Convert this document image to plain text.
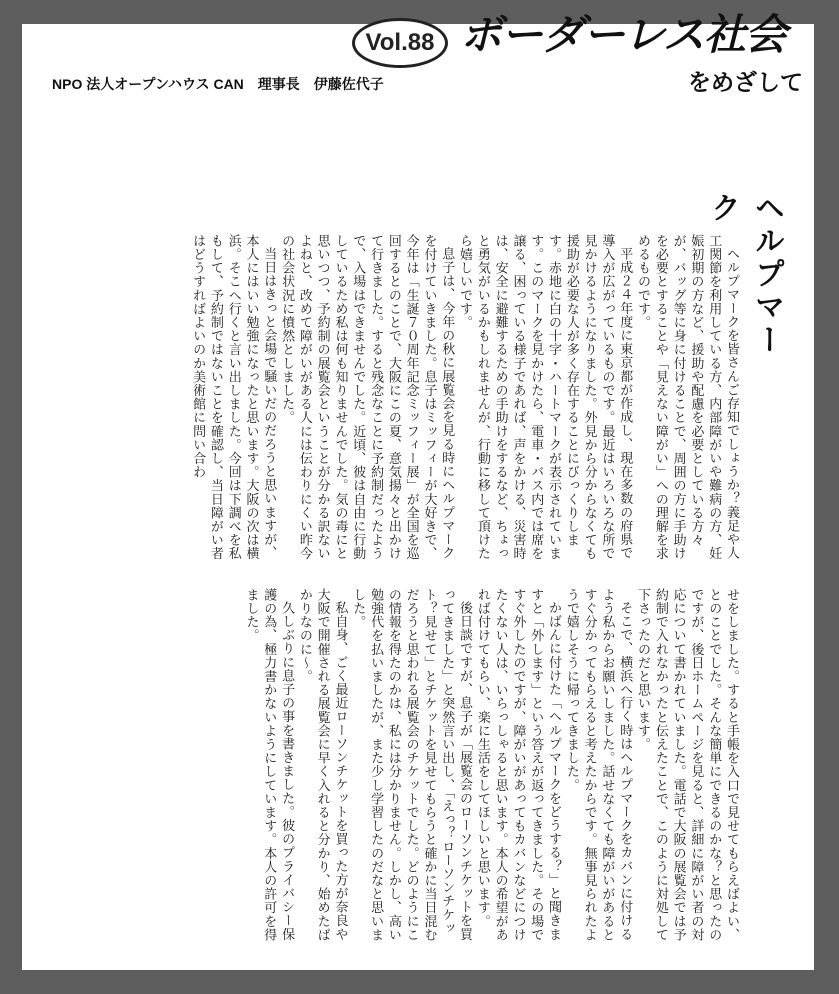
Vol.88 ボーダーレス社会
をめざして
NPO 法人オープンハウス CAN　理事長　伊藤佐代子
ヘルプマーク

ヘルプマークを皆さんご存知でしょうか？義足や人工関節を利用している方、内部障がいや難病の方、妊娠初期の方など、援助や配慮を必要としている方々が、バッグ等に身に付けることで、周囲の方に手助けを必要とすることや「見えない障がい」への理解を求めるものです。

平成２４年度に東京都が作成し、現在多数の府県で導入が広がっているものです。最近はいろいろな所で見かけるようになりました。外見から分からなくても援助が必要な人が多く存在することにびっくりします。赤地に白の十字・ハートマークが表示されています。このマークを見かけたら、電車・バス内では席を譲る、困っている様子であれば、声をかける、災害時は、安全に避難するための手助けをするなど、ちょっと勇気がいるかもしれませんが、行動に移して頂けたら嬉しいです。

息子は、今年の秋に展覧会を見る時にヘルプマークを付けていきました。息子はミッフィーが大好きで、今年は「生誕７０周年記念ミッフィー展」が全国を巡回するとのことで、大阪にこの夏、意気揚々と出かけて行きました。すると残念なことに予約制だったようで、入場はできませんでした。近頃、彼は自由に行動しているため私は何も知りませんでした。気の毒にと思いつつ、予約制の展覧会ということが分かる訳ないよねと、改めて障がいがある人には伝わりにくい昨今の社会状況に憤然としました。

当日はきっと会場で騒いだのだろうと思いますが、本人にはいい勉強になったと思います。大阪の次は横浜。そこへ行くと言い出しました。今回は下調べを私もして、予約制ではないことを確認し、当日障がい者はどうすればよいのか美術館に問い合わ

せをしました。すると手帳を入口で見せてもらえばよい、とのことでした。そんな簡単にできるのかな？と思ったのですが、後日ホームページを見ると、詳細に障がい者の対応について書かれていました。電話で大阪の展覧会では予約制で入れなかったと伝えたことで、このように対処して下さったのだと思います。

そこで、横浜へ行く時はヘルプマークをカバンに付けるよう私からお願いしました。話せなくても障がいがあるとすぐ分かってもらえると考えたからです。無事見られたようで嬉しそうに帰ってきました。

かばんに付けた「ヘルプマークをどうする？」と聞きますと「外します」という答えが返ってきました。その場ですぐ外したのですが、障がいがあってもカバンなどにつけたくない人は、いらっしゃると思います。本人の希望があれば付けてもらい、楽に生活をしてほしいと思います。

後日談ですが、息子が「展覧会のローソンチケットを買ってきました」と突然言い出し、「えっ？ローソンチケット？見せて」とチケットを見せてもらうと確かに当日混むだろうと思われる展覧会のチケットでした。どのようにこの情報を得たのかは、私には分かりません。しかし、高い勉強代を払いましたが、また少し学習したのだなと思いました。

私自身、ごく最近ローソンチケットを買った方が奈良や大阪で開催される展覧会に早く入れると分かり、始めたばかりなのに～。

久しぶりに息子の事を書きました。彼のプライバシー保護の為、極力書かないようにしています。本人の許可を得ました。
